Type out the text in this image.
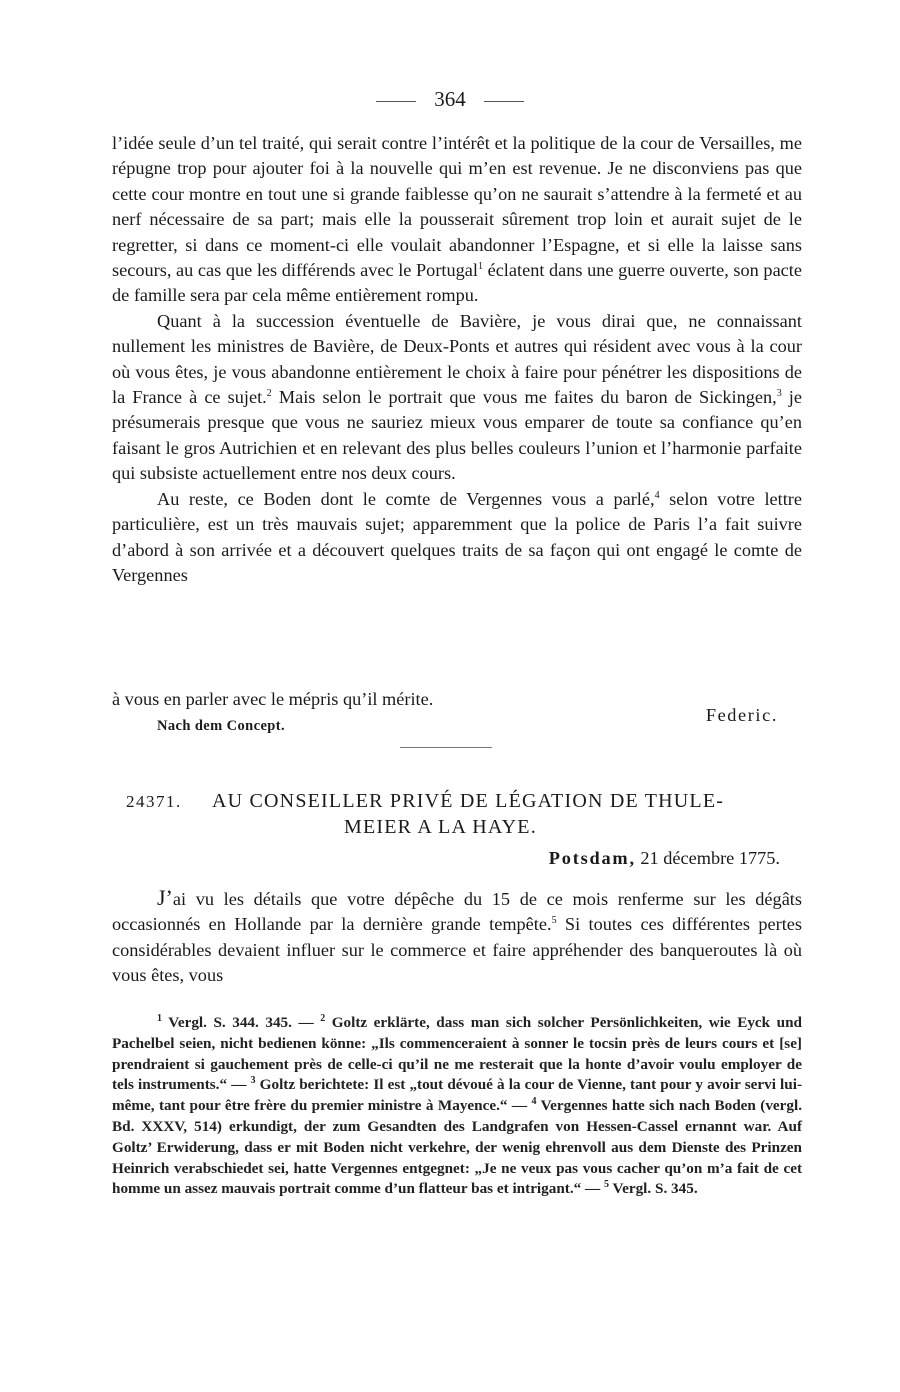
364

l’idée seule d’un tel traité, qui serait contre l’intérêt et la politique de la cour de Versailles, me répugne trop pour ajouter foi à la nouvelle qui m’en est revenue. Je ne disconviens pas que cette cour montre en tout une si grande faiblesse qu’on ne saurait s’attendre à la fermeté et au nerf nécessaire de sa part; mais elle la pousserait sûrement trop loin et aurait sujet de le regretter, si dans ce moment-ci elle voulait abandonner l’Espagne, et si elle la laisse sans secours, au cas que les différends avec le Portugal$^1$ éclatent dans une guerre ouverte, son pacte de famille sera par cela même entièrement rompu.

Quant à la succession éventuelle de Bavière, je vous dirai que, ne connaissant nullement les ministres de Bavière, de Deux-Ponts et autres qui résident avec vous à la cour où vous êtes, je vous abandonne entièrement le choix à faire pour pénétrer les dispositions de la France à ce sujet.$^2$ Mais selon le portrait que vous me faites du baron de Sickingen,$^3$ je présumerais presque que vous ne sauriez mieux vous emparer de toute sa confiance qu’en faisant le gros Autrichien et en relevant des plus belles couleurs l’union et l’harmonie parfaite qui subsiste actuellement entre nos deux cours.

Au reste, ce Boden dont le comte de Vergennes vous a parlé,$^4$ selon votre lettre particulière, est un très mauvais sujet; apparemment que la police de Paris l’a fait suivre d’abord à son arrivée et a découvert quelques traits de sa façon qui ont engagé le comte de Vergennes

à vous en parler avec le mépris qu’il mérite.
Federic.
Nach dem Concept.
24371. AU CONSEILLER PRIVÉ DE LÉGATION DE THULE-
MEIER A LA HAYE.
Potsdam, 21 décembre 1775.

J’ai vu les détails que votre dépêche du 15 de ce mois renferme sur les dégâts occasionnés en Hollande par la dernière grande tempête.$^5$ Si toutes ces différentes pertes considérables devaient influer sur le commerce et faire appréhender des banqueroutes là où vous êtes, vous

$^1$ Vergl. S. 344. 345. — $^2$ Goltz erklärte, dass man sich solcher Persönlichkeiten, wie Eyck und Pachelbel seien, nicht bedienen könne: „Ils commenceraient à sonner le tocsin près de leurs cours et [se] prendraient si gauchement près de celle-ci qu’il ne me resterait que la honte d’avoir voulu employer de tels instruments.“ — $^3$ Goltz berichtete: Il est „tout dévoué à la cour de Vienne, tant pour y avoir servi lui-même, tant pour être frère du premier ministre à Mayence.“ — $^4$ Vergennes hatte sich nach Boden (vergl. Bd. XXXV, 514) erkundigt, der zum Gesandten des Landgrafen von Hessen-Cassel ernannt war. Auf Goltz’ Erwiderung, dass er mit Boden nicht verkehre, der wenig ehrenvoll aus dem Dienste des Prinzen Heinrich verabschiedet sei, hatte Vergennes entgegnet: „Je ne veux pas vous cacher qu’on m’a fait de cet homme un assez mauvais portrait comme d’un flatteur bas et intrigant.“ — $^5$ Vergl. S. 345.
